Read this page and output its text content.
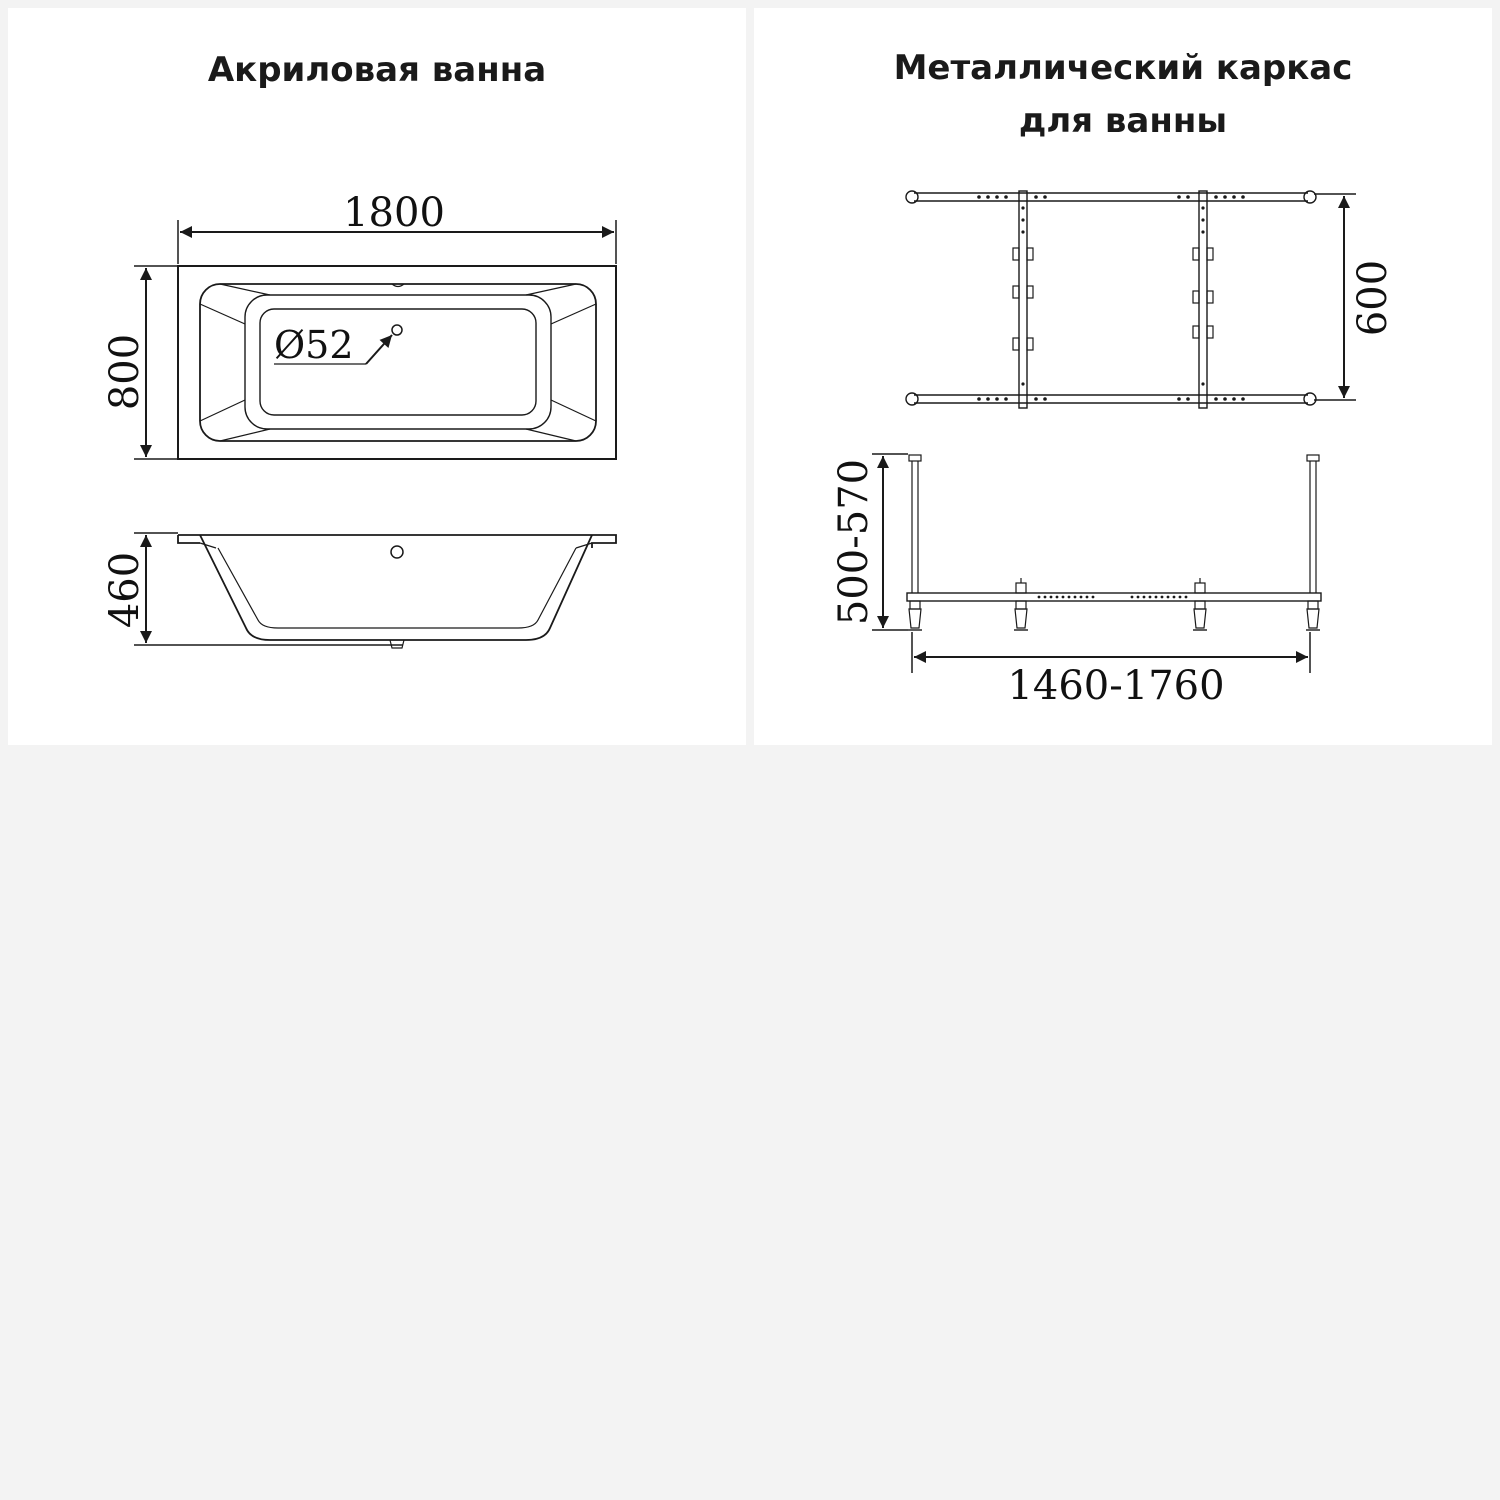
Акриловая ванна
1800
800	Ø52
460
Металлический каркас
для ванны
600
500-570
1460-1760
